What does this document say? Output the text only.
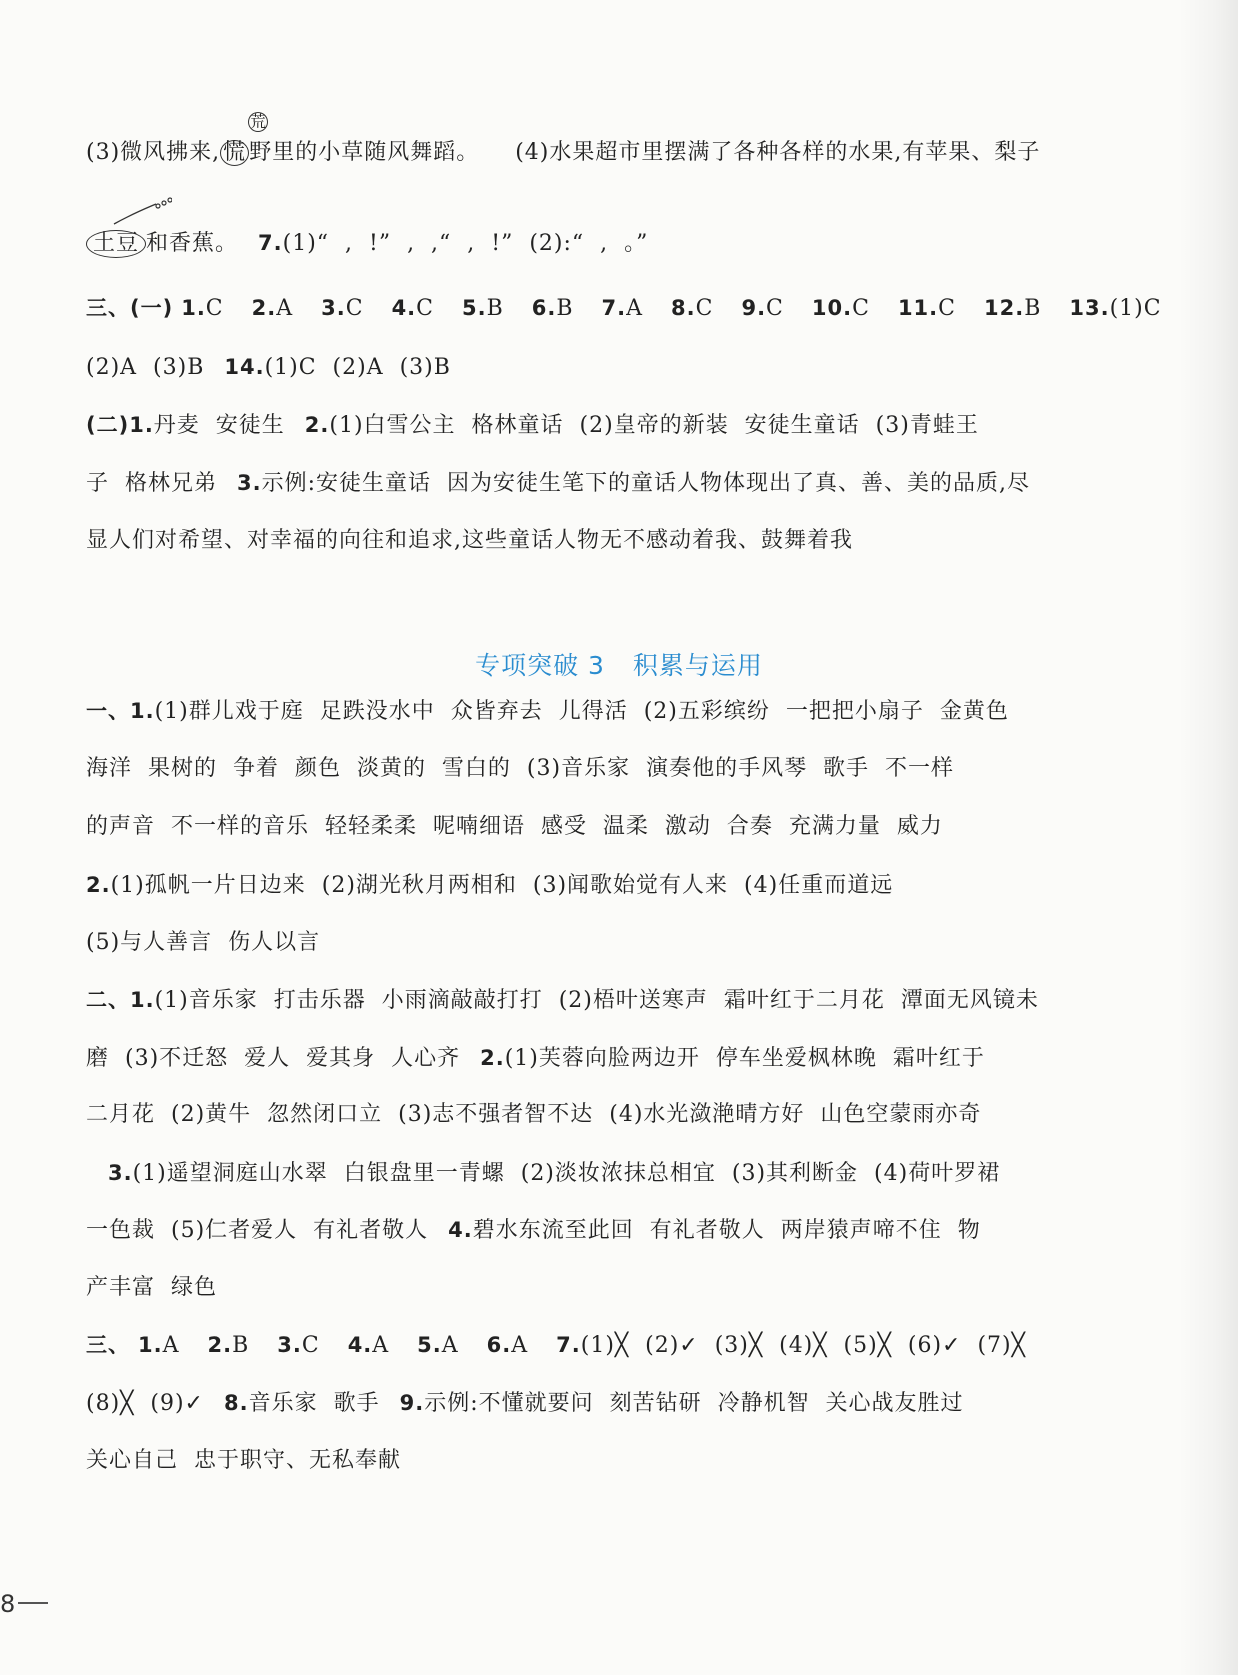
(3)微风拂来, 慌 野里的小草随风舞蹈。 (4)水果超市里摆满了各种各样的水果,有苹果、梨子
荒
土豆 和香蕉。 7.(1)“  ,  !”  ,  ,“  ,  !”  (2):“  ,  。”
三、(一) 1.C 2.A 3.C 4.C 5.B 6.B 7.A 8.C 9.C 10.C 11.C 12.B 13.(1)C
(2)A  (3)B 14.(1)C  (2)A  (3)B
(二)1.丹麦  安徒生 2.(1)白雪公主  格林童话  (2)皇帝的新装  安徒生童话  (3)青蛙王
子  格林兄弟 3.示例:安徒生童话  因为安徒生笔下的童话人物体现出了真、善、美的品质,尽
显人们对希望、对幸福的向往和追求,这些童话人物无不感动着我、鼓舞着我
专项突破 3 积累与运用
一、1.(1)群儿戏于庭  足跌没水中  众皆弃去  儿得活  (2)五彩缤纷  一把把小扇子  金黄色
海洋  果树的  争着  颜色  淡黄的  雪白的  (3)音乐家  演奏他的手风琴  歌手  不一样
的声音  不一样的音乐  轻轻柔柔  呢喃细语  感受  温柔  激动  合奏  充满力量  威力
2.(1)孤帆一片日边来  (2)湖光秋月两相和  (3)闻歌始觉有人来  (4)任重而道远
(5)与人善言  伤人以言
二、1.(1)音乐家  打击乐器  小雨滴敲敲打打  (2)梧叶送寒声  霜叶红于二月花  潭面无风镜未
磨  (3)不迁怒  爱人  爱其身  人心齐 2.(1)芙蓉向脸两边开  停车坐爱枫林晚  霜叶红于
二月花  (2)黄牛  忽然闭口立  (3)志不强者智不达  (4)水光潋滟晴方好  山色空蒙雨亦奇
3.(1)遥望洞庭山水翠  白银盘里一青螺  (2)淡妆浓抹总相宜  (3)其利断金  (4)荷叶罗裙
一色裁  (5)仁者爱人  有礼者敬人 4.碧水东流至此回  有礼者敬人  两岸猿声啼不住  物
产丰富  绿色
三、 1.A 2.B 3.C 4.A 5.A 6.A 7.(1)╳  (2)✓  (3)╳  (4)╳  (5)╳  (6)✓  (7)╳
(8)╳  (9)✓ 8.音乐家  歌手 9.示例:不懂就要问  刻苦钻研  冷静机智  关心战友胜过
关心自己  忠于职守、无私奉献
8
